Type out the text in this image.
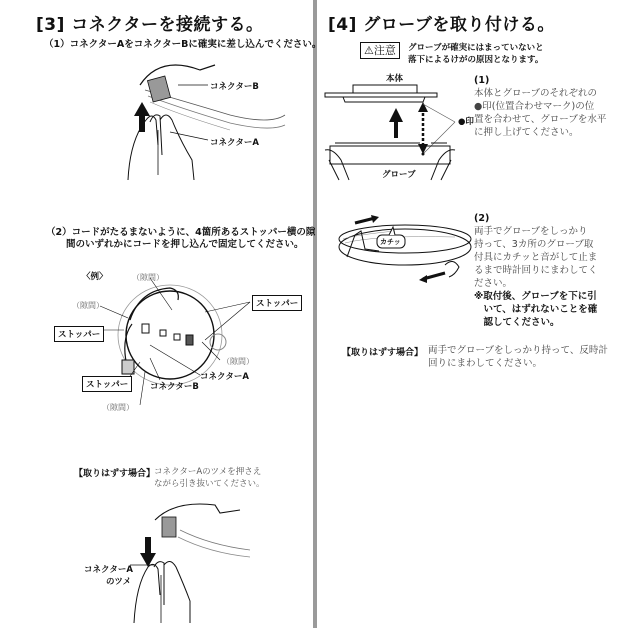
[3] コネクターを接続する。
（1）コネクターAをコネクターBに確実に差し込んでください。
コネクターB
コネクターA
（2）コードがたるまないように、4箇所あるストッパー横の隙
間のいずれかにコードを押し込んで固定してください。
〈例〉	（隙間）
（隙間）
（隙間）
（隙間）
ストッパー
ストッパー
ストッパー
コネクターA
コネクターB
【取りはずす場合】
コネクターAのツメを押さえ
ながら引き抜いてください。
コネクターA
のツメ
[4] グローブを取り付ける。
⚠注意	グローブが確実にはまっていないと
落下によるけがの原因となります。
本体
●印
グローブ
(1)
本体とグローブのそれぞれの
●印(位置合わせマーク)の位
置を合わせて、グローブを水平
に押し上げてください。
カチッ
(2)
両手でグローブをしっかり
持って、3カ所のグローブ取
付具にカチッと音がして止ま
るまで時計回りにまわしてく
ださい。
※取付後、グローブを下に引
　いて、はずれないことを確
　認してください。
【取りはずす場合】 両手でグローブをしっかり持って、反時計
回りにまわしてください。
